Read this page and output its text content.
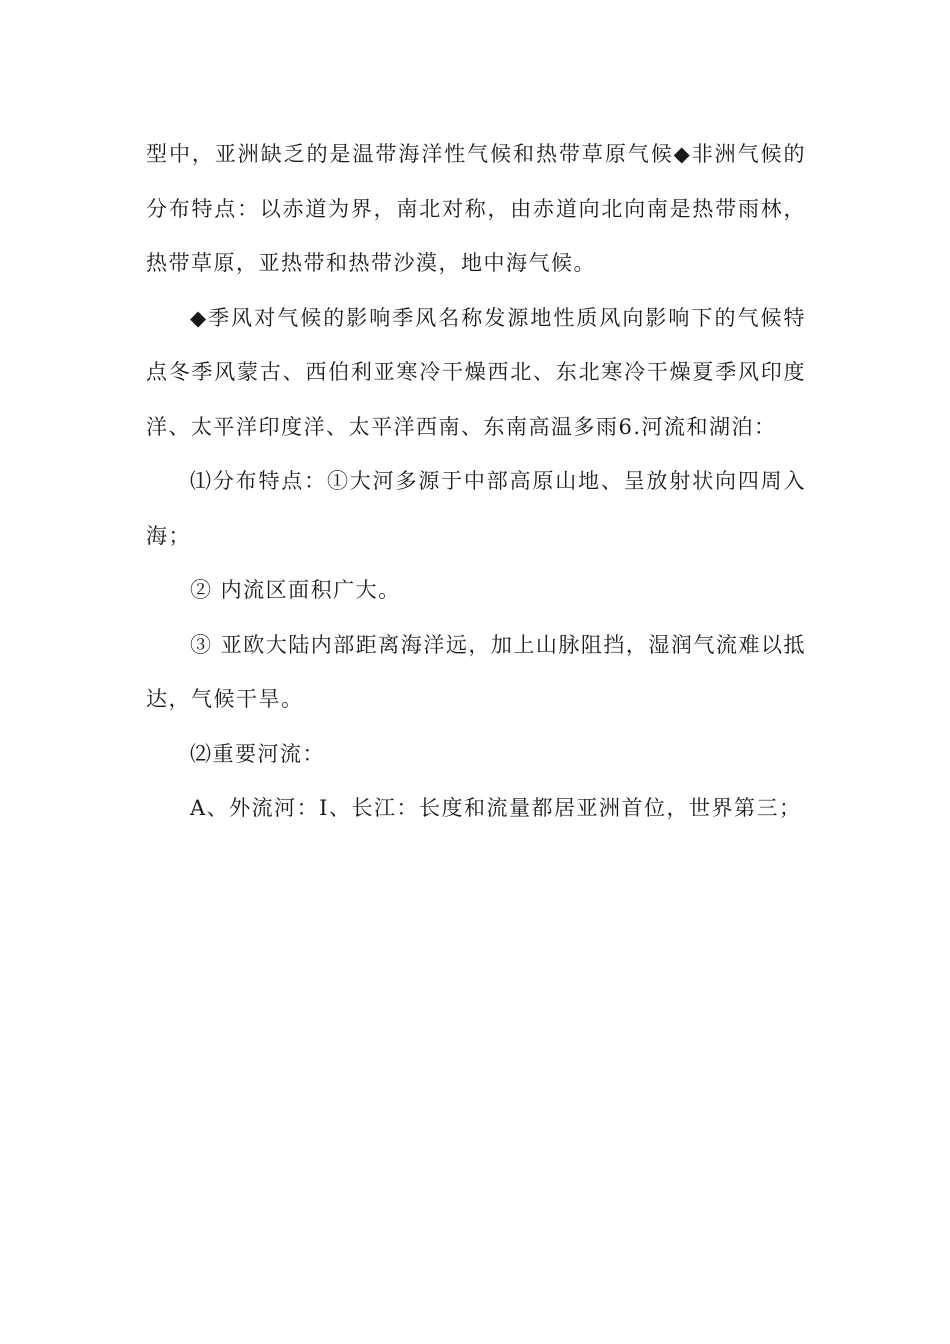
型中，亚洲缺乏的是温带海洋性气候和热带草原气候◆非洲气候的分布特点：以赤道为界，南北对称，由赤道向北向南是热带雨林，热带草原，亚热带和热带沙漠，地中海气候。

◆季风对气候的影响季风名称发源地性质风向影响下的气候特点冬季风蒙古、西伯利亚寒冷干燥西北、东北寒冷干燥夏季风印度洋、太平洋印度洋、太平洋西南、东南高温多雨6.河流和湖泊：

⑴分布特点：①大河多源于中部高原山地、呈放射状向四周入海；

② 内流区面积广大。

③ 亚欧大陆内部距离海洋远，加上山脉阻挡，湿润气流难以抵达，气候干旱。

⑵重要河流：

A、外流河：Ⅰ、长江：长度和流量都居亚洲首位，世界第三；
